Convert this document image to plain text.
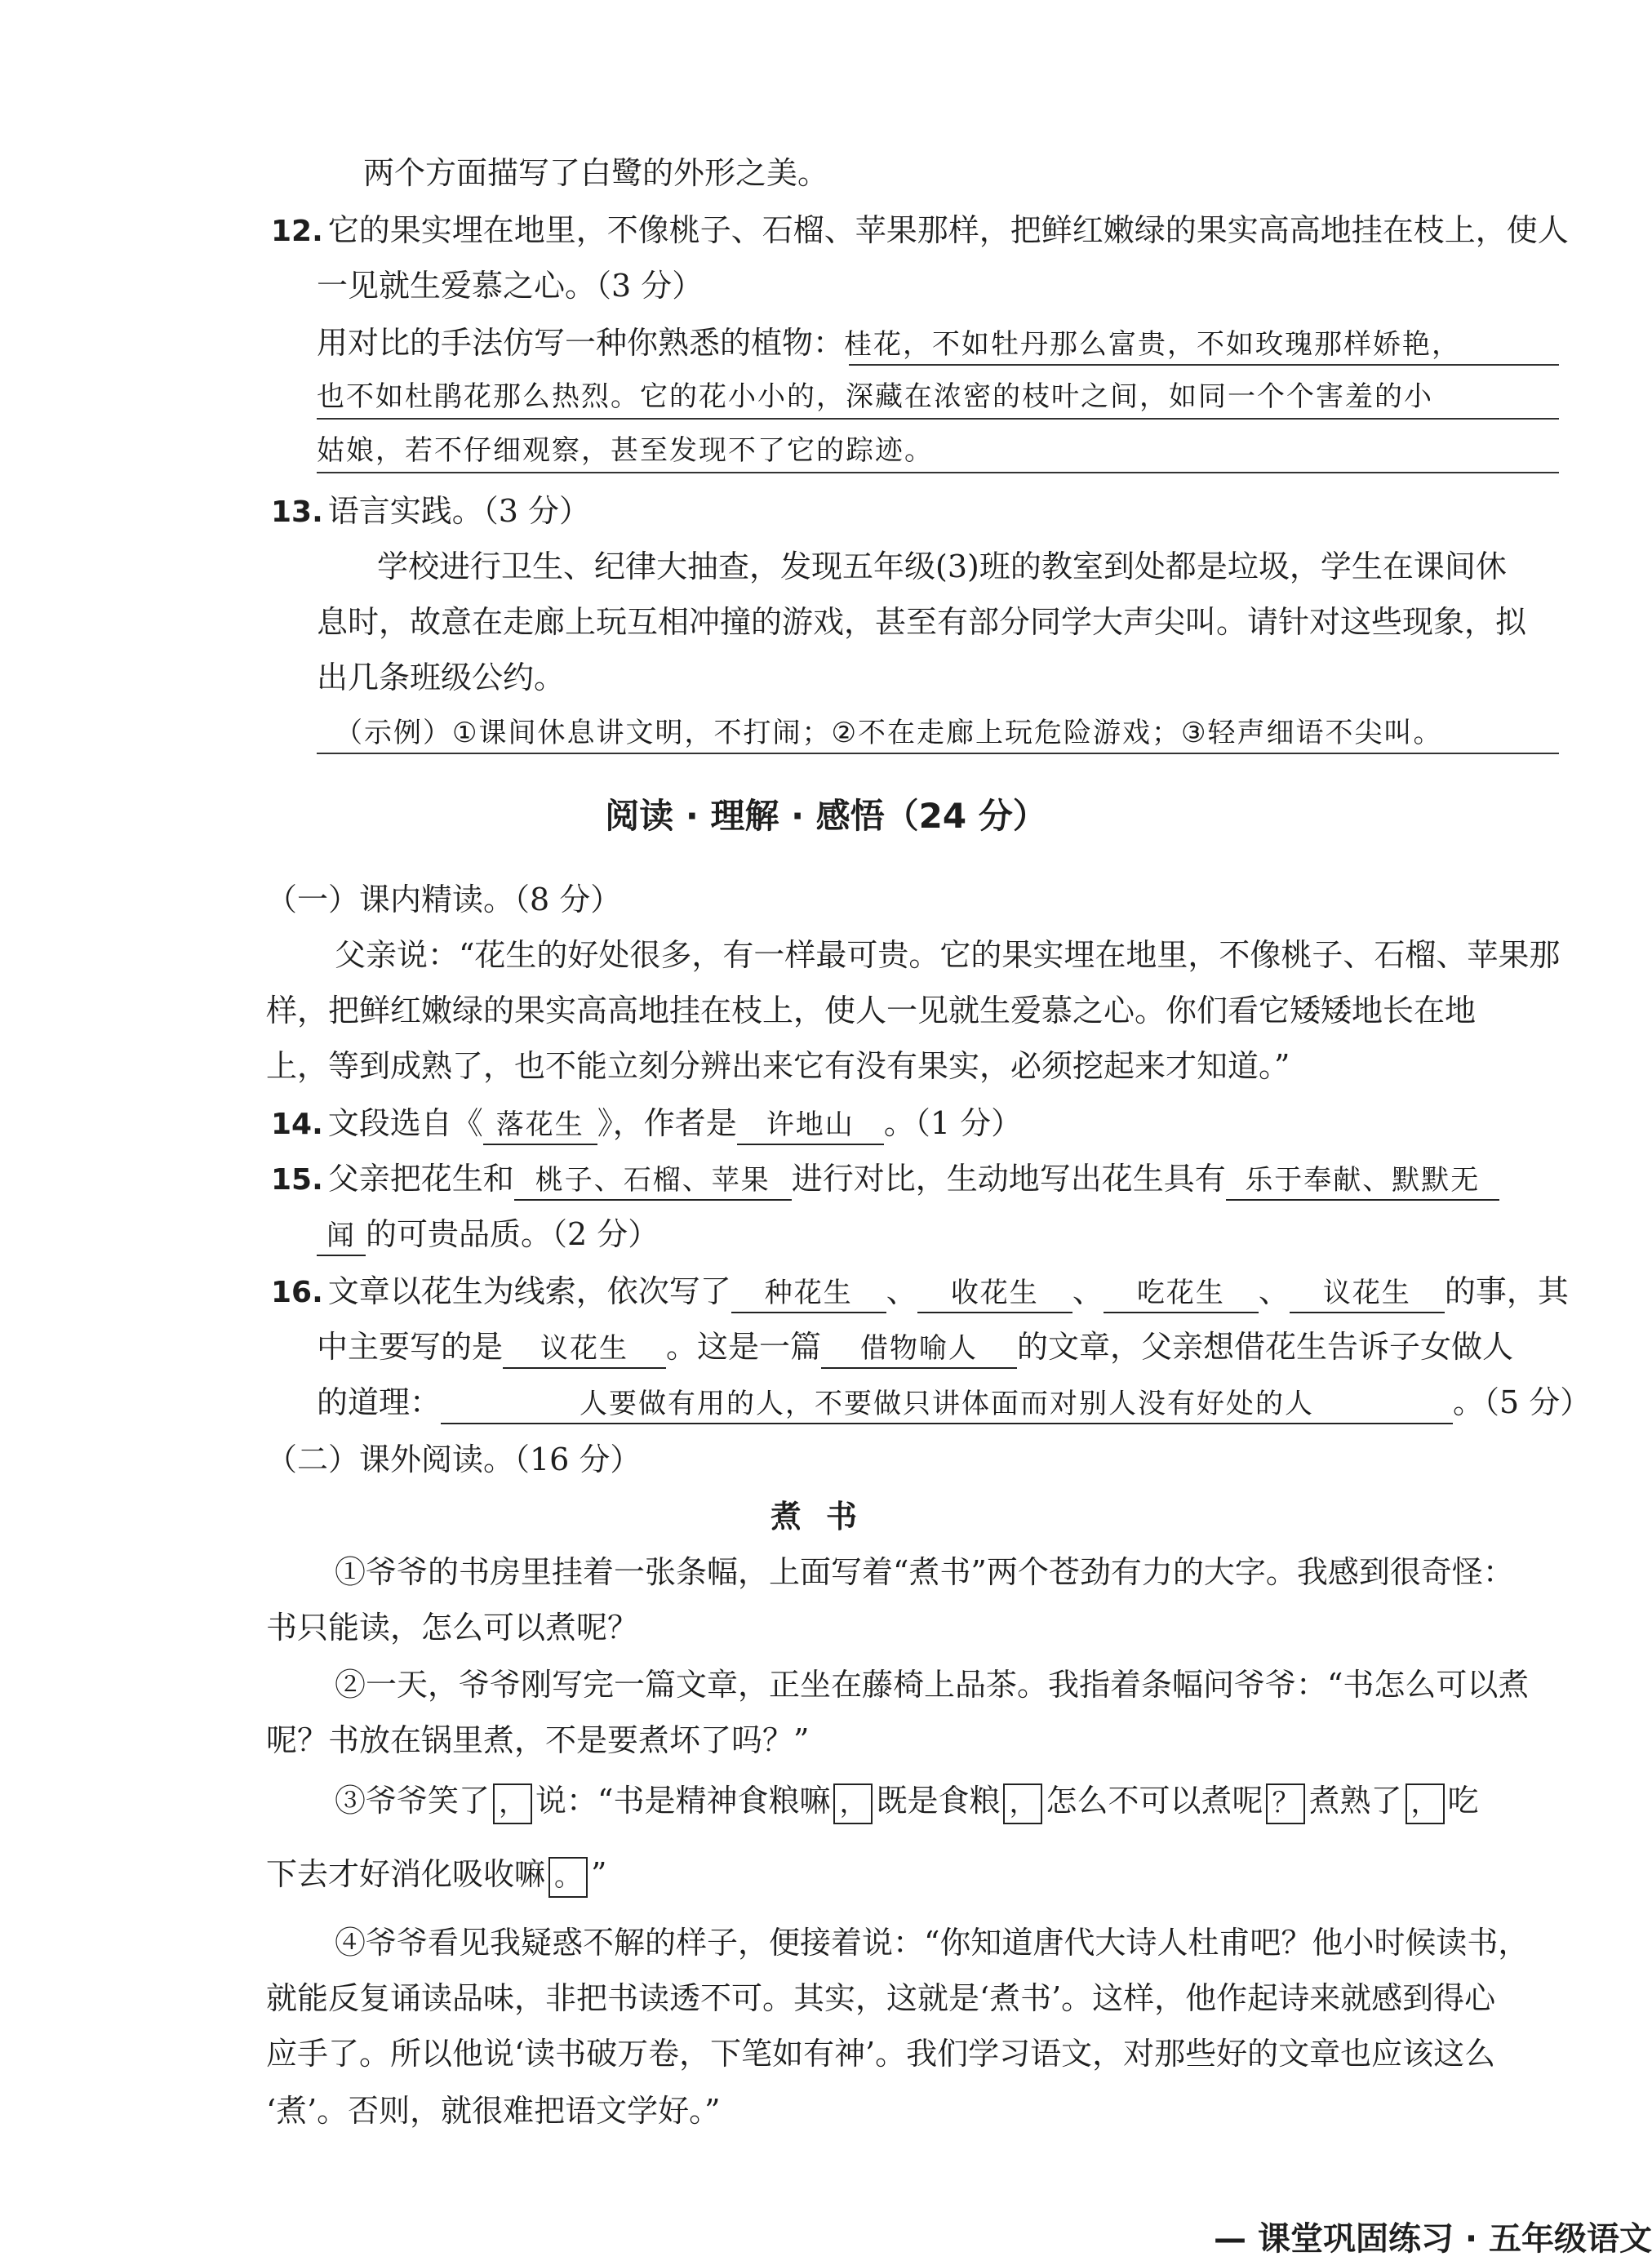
两个方面描写了白鹭的外形之美。
12. 它的果实埋在地里，不像桃子、石榴、苹果那样，把鲜红嫩绿的果实高高地挂在枝上，使人
一见就生爱慕之心。（3 分）
用对比的手法仿写一种你熟悉的植物：桂花，不如牡丹那么富贵，不如玫瑰那样娇艳，
也不如杜鹃花那么热烈。它的花小小的，深藏在浓密的枝叶之间，如同一个个害羞的小
姑娘，若不仔细观察，甚至发现不了它的踪迹。
13. 语言实践。（3 分）
学校进行卫生、纪律大抽查，发现五年级(3)班的教室到处都是垃圾，学生在课间休
息时，故意在走廊上玩互相冲撞的游戏，甚至有部分同学大声尖叫。请针对这些现象，拟
出几条班级公约。
（示例）①课间休息讲文明，不打闹；②不在走廊上玩危险游戏；③轻声细语不尖叫。
阅读 · 理解 · 感悟（24 分）
（一）课内精读。（8 分）
父亲说：“花生的好处很多，有一样最可贵。它的果实埋在地里，不像桃子、石榴、苹果那
样，把鲜红嫩绿的果实高高地挂在枝上，使人一见就生爱慕之心。你们看它矮矮地长在地
上，等到成熟了，也不能立刻分辨出来它有没有果实，必须挖起来才知道。”
14. 文段选自《 落花生 》，作者是 许地山 。（1 分）
15. 父亲把花生和 桃子、石榴、苹果 进行对比，生动地写出花生具有 乐于奉献、默默无
闻 的可贵品质。（2 分）
16. 文章以花生为线索，依次写了 种花生 、 收花生 、 吃花生 、 议花生 的事，其
中主要写的是 议花生 。这是一篇 借物喻人 的文章，父亲想借花生告诉子女做人
的道理：	人要做有用的人，不要做只讲体面而对别人没有好处的人	。（5 分）
（二）课外阅读。（16 分）
煮书
①爷爷的书房里挂着一张条幅，上面写着“煮书”两个苍劲有力的大字。我感到很奇怪：
书只能读，怎么可以煮呢？
②一天，爷爷刚写完一篇文章，正坐在藤椅上品茶。我指着条幅问爷爷：“书怎么可以煮
呢？书放在锅里煮，不是要煮坏了吗？”
③爷爷笑了 ， 说：“书是精神食粮嘛 ， 既是食粮 ， 怎么不可以煮呢 ？ 煮熟了 ， 吃
下去才好消化吸收嘛 。 ”
④爷爷看见我疑惑不解的样子，便接着说：“你知道唐代大诗人杜甫吧？他小时候读书，
就能反复诵读品味，非把书读透不可。其实，这就是‘煮书’。这样，他作起诗来就感到得心
应手了。所以他说‘读书破万卷，下笔如有神’。我们学习语文，对那些好的文章也应该这么
‘煮’。否则，就很难把语文学好。”
— 课堂巩固练习 · 五年级语文
